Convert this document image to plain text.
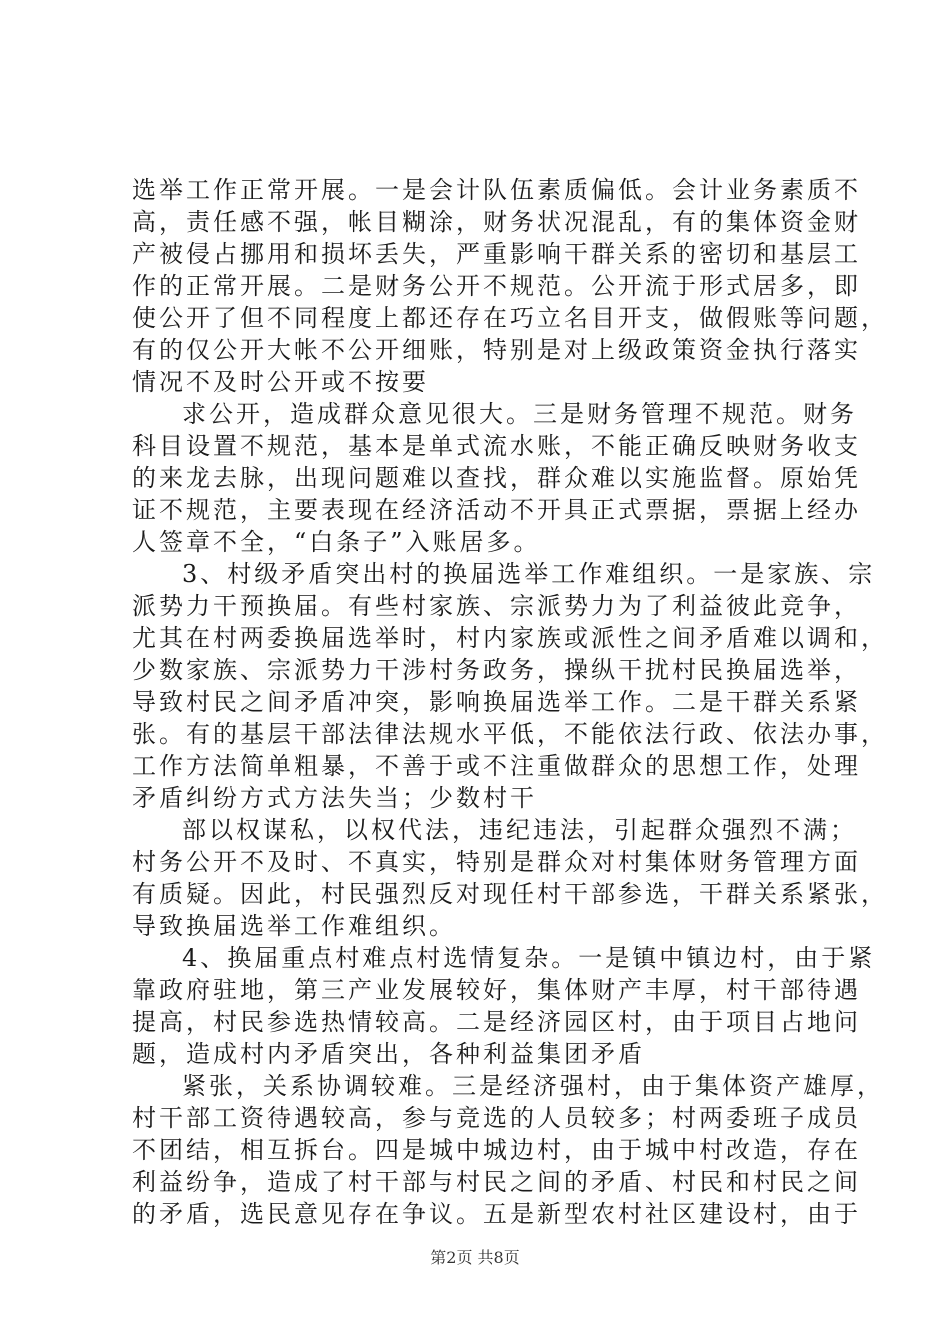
选举工作正常开展。一是会计队伍素质偏低。会计业务素质不
高，责任感不强，帐目糊涂，财务状况混乱，有的集体资金财
产被侵占挪用和损坏丢失，严重影响干群关系的密切和基层工
作的正常开展。二是财务公开不规范。公开流于形式居多，即
使公开了但不同程度上都还存在巧立名目开支，做假账等问题，
有的仅公开大帐不公开细账，特别是对上级政策资金执行落实
情况不及时公开或不按要
求公开，造成群众意见很大。三是财务管理不规范。财务
科目设置不规范，基本是单式流水账，不能正确反映财务收支
的来龙去脉，出现问题难以查找，群众难以实施监督。原始凭
证不规范，主要表现在经济活动不开具正式票据，票据上经办
人签章不全，“白条子”入账居多。
3、村级矛盾突出村的换届选举工作难组织。一是家族、宗
派势力干预换届。有些村家族、宗派势力为了利益彼此竞争，
尤其在村两委换届选举时，村内家族或派性之间矛盾难以调和，
少数家族、宗派势力干涉村务政务，操纵干扰村民换届选举，
导致村民之间矛盾冲突，影响换届选举工作。二是干群关系紧
张。有的基层干部法律法规水平低，不能依法行政、依法办事，
工作方法简单粗暴，不善于或不注重做群众的思想工作，处理
矛盾纠纷方式方法失当；少数村干
部以权谋私，以权代法，违纪违法，引起群众强烈不满；
村务公开不及时、不真实，特别是群众对村集体财务管理方面
有质疑。因此，村民强烈反对现任村干部参选，干群关系紧张，
导致换届选举工作难组织。
4、换届重点村难点村选情复杂。一是镇中镇边村，由于紧
靠政府驻地，第三产业发展较好，集体财产丰厚，村干部待遇
提高，村民参选热情较高。二是经济园区村，由于项目占地问
题，造成村内矛盾突出，各种利益集团矛盾
紧张，关系协调较难。三是经济强村，由于集体资产雄厚，
村干部工资待遇较高，参与竞选的人员较多；村两委班子成员
不团结，相互拆台。四是城中城边村，由于城中村改造，存在
利益纷争，造成了村干部与村民之间的矛盾、村民和村民之间
的矛盾，选民意见存在争议。五是新型农村社区建设村，由于
第2页 共8页
